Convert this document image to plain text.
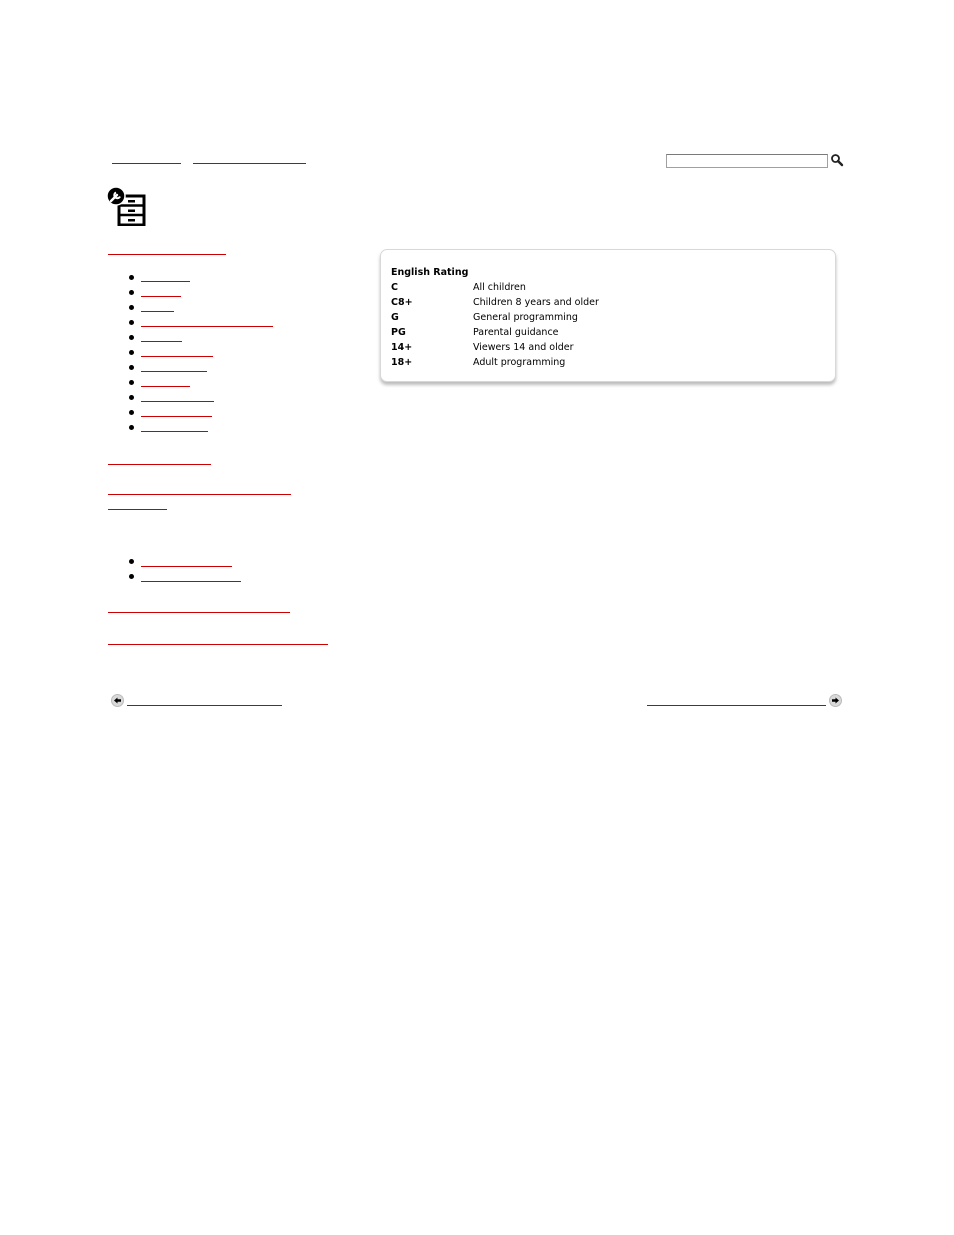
English Rating
C	All children
C8+	Children 8 years and older
G	General programming
PG	Parental guidance
14+	Viewers 14 and older
18+	Adult programming
